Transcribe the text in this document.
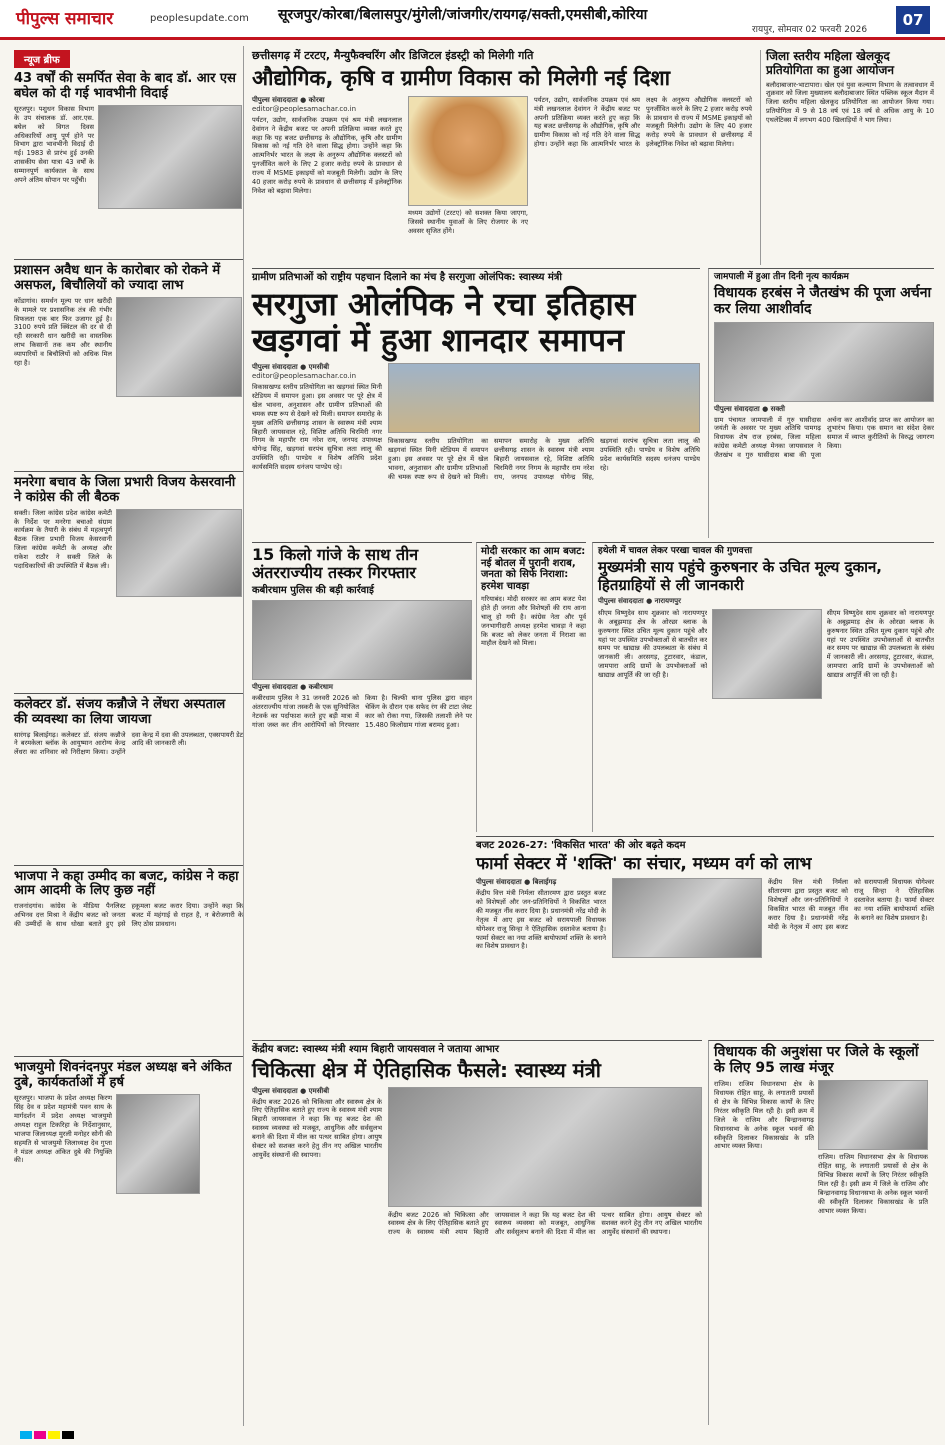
पीपुल्स समाचार	peoplesupdate.com सूरजपुर/कोरबा/बिलासपुर/मुंगेली/जांजगीर/रायगढ़/सक्ती,एमसीबी,कोरिया
रायपुर, सोमवार 02 फरवरी 2026
07
न्यूज ब्रीफ
43 वर्षों की समर्पित सेवा के बाद डॉ. आर एस बघेल को दी गई भावभीनी विदाई
सूरजपुर। पशुधन विकास विभाग के उप संचालक डॉ. आर.एस. बघेल को विगत दिवस अधिकारियों आयु पूर्ण होने पर विभाग द्वारा भावभीनी विदाई दी गई। 1983 से प्रारंभ हुई उनकी शासकीय सेवा यात्रा 43 वर्षों के सम्मानपूर्ण कार्यकाल के साथ अपने अंतिम सोपान पर पहुँची।
प्रशासन अवैध धान के कारोबार को रोकने में असफल, बिचौलियों को ज्यादा लाभ
कोंडागांव। समर्थन मूल्य पर धान खरीदी के मामले पर प्रशासनिक तंत्र की गंभीर विफलता एक बार फिर उजागर हुई है। 3100 रुपये प्रति क्विंटल की दर से दी रही सरकारी धान खरीदी का वास्तविक लाभ किसानों तक कम और स्थानीय व्यापारियों व बिचौलियों को अधिक मिल रहा है।
मनरेगा बचाव के जिला प्रभारी विजय केसरवानी ने कांग्रेस की ली बैठक
सक्ती। जिला कांग्रेस प्रदेश कांग्रेस कमेटी के निर्देश पर मनरेगा बचाओ संग्राम कार्यक्रम के तैयारी के संबंध में महत्वपूर्ण बैठक जिला प्रभारी विजय केसरवानी जिला कांग्रेस कमेटी के अध्यक्ष और राकेश राठौर ने सक्ती जिले के पदाधिकारियों की उपस्थिति में बैठक ली।
कलेक्टर डॉ. संजय कन्नौजे ने लेंधरा अस्पताल की व्यवस्था का लिया जायजा
सारंगढ़ बिलाईगढ़। कलेक्टर डॉ. संजय कन्नौजे ने बरमकेला ब्लॉक के आयुष्मान आरोग्य केन्द्र लेंधरा का शनिवार को निरीक्षण किया। उन्होंने दवा केन्द्र में दवा की उपलब्धता, एक्सपायरी डेट आदि की जानकारी ली।
भाजपा ने कहा उम्मीद का बजट, कांग्रेस ने कहा आम आदमी के लिए कुछ नहीं
राजनांदगांव। कांग्रेस के मीडिया पैनलिस्ट अभिनव दत्त मिश्रा ने केंद्रीय बजट को जनता की उम्मीदों के साथ धोखा बताते हुए इसे हकूमला बजट करार दिया। उन्होंने कहा कि बजट में महंगाई से राहत है, न बेरोजगारी के लिए ठोस प्रावधान।
भाजयुमो शिवनंदनपुर मंडल अध्यक्ष बने अंकित दुबे, कार्यकर्ताओं में हर्ष
सूरजपुर। भाजपा के प्रदेश अध्यक्ष किरण सिंह देव व प्रदेश महामंत्री पवन साय के मार्गदर्शन में प्रदेश अध्यक्ष भाजयुमो अध्यक्ष राहुल टिकरिहा के निर्देशानुसार, भाजपा जिलाध्यक्ष मुरली मनोहर सोनी की सहमति से भाजयुमो जिलाध्यक्ष देव गुप्ता ने मंडल अध्यक्ष अंकित दुबे की नियुक्ति की।
छत्तीसगढ़ में टरटए, मैन्युफैक्चरिंग और डिजिटल इंडस्ट्री को मिलेगी गति
औद्योगिक, कृषि व ग्रामीण विकास को मिलेगी नई दिशा
पीपुल्स संवाददाता ● कोरबा
editor@peoplesamachar.co.in
पर्यटन, उद्योग, सार्वजनिक उपक्रम एवं श्रम मंत्री लखनलाल देवांगन ने केंद्रीय बजट पर अपनी प्रतिक्रिया व्यक्त करते हुए कहा कि यह बजट छत्तीसगढ़ के औद्योगिक, कृषि और ग्रामीण विकास को नई गति देने वाला सिद्ध होगा। उन्होंने कहा कि आत्मनिर्भर भारत के लक्ष्य के अनुरूप औद्योगिक क्लस्टरों को पुनर्जीवित करने के लिए 2 हजार करोड़ रुपये के प्रावधान से राज्य में MSME इकाइयों को मजबूती मिलेगी। उद्योग के लिए 40 हजार करोड़ रुपये के प्रावधान से छत्तीसगढ़ में इलेक्ट्रॉनिक निवेश को बढ़ावा मिलेगा।
मध्यम उद्योगों (टरटए) को सशक्त किया जाएगा, जिससे स्थानीय युवाओं के लिए रोजगार के नए अवसर सृजित होंगे।
पर्यटन, उद्योग, सार्वजनिक उपक्रम एवं श्रम मंत्री लखनलाल देवांगन ने केंद्रीय बजट पर अपनी प्रतिक्रिया व्यक्त करते हुए कहा कि यह बजट छत्तीसगढ़ के औद्योगिक, कृषि और ग्रामीण विकास को नई गति देने वाला सिद्ध होगा। उन्होंने कहा कि आत्मनिर्भर भारत के लक्ष्य के अनुरूप औद्योगिक क्लस्टरों को पुनर्जीवित करने के लिए 2 हजार करोड़ रुपये के प्रावधान से राज्य में MSME इकाइयों को मजबूती मिलेगी। उद्योग के लिए 40 हजार करोड़ रुपये के प्रावधान से छत्तीसगढ़ में इलेक्ट्रॉनिक निवेश को बढ़ावा मिलेगा।
जिला स्तरीय महिला खेलकूद प्रतियोगिता का हुआ आयोजन
बलौदाबाजार-भाटापारा। खेल एवं युवा कल्याण विभाग के तत्वावधान में शुक्रवार को जिला मुख्यालय बलौदाबाजार स्थित पब्लिक स्कूल मैदान में जिला स्तरीय महिला खेलकूद प्रतियोगिता का आयोजन किया गया। प्रतियोगिता में 9 से 18 वर्ष एवं 18 वर्ष से अधिक आयु के 10 एथलेटिक्स में लगभग 400 खिलाड़ियों ने भाग लिया।
ग्रामीण प्रतिभाओं को राष्ट्रीय पहचान दिलाने का मंच है सरगुजा ओलंपिक: स्वास्थ्य मंत्री
सरगुजा ओलंपिक ने रचा इतिहास
खड़गवां में हुआ शानदार समापन
पीपुल्स संवाददाता ● एमसीबी
editor@peoplesamachar.co.in
विकासखण्ड स्तरीय प्रतियोगिता का खड़गवां स्थित मिनी स्टेडियम में समापन हुआ। इस अवसर पर पूरे क्षेत्र में खेल भावना, अनुशासन और ग्रामीण प्रतिभाओं की चमक स्पष्ट रूप से देखने को मिली। समापन समारोह के मुख्य अतिथि छत्तीसगढ़ शासन के स्वास्थ्य मंत्री श्याम बिहारी जायसवाल रहे, विशिष्ट अतिथि चिरमिरी नगर निगम के महापौर राम नरेश राय, जनपद उपाध्यक्ष योगेन्द्र सिंह, खड़गवां सरपंच सुचित्रा लता लालू की उपस्थिति रही। पाण्डेय व विशेष अतिथि प्रदेश कार्यसमिति सदस्य धनंजय पाण्डेय रहे।
विकासखण्ड स्तरीय प्रतियोगिता का खड़गवां स्थित मिनी स्टेडियम में समापन हुआ। इस अवसर पर पूरे क्षेत्र में खेल भावना, अनुशासन और ग्रामीण प्रतिभाओं की चमक स्पष्ट रूप से देखने को मिली। समापन समारोह के मुख्य अतिथि छत्तीसगढ़ शासन के स्वास्थ्य मंत्री श्याम बिहारी जायसवाल रहे, विशिष्ट अतिथि चिरमिरी नगर निगम के महापौर राम नरेश राय, जनपद उपाध्यक्ष योगेन्द्र सिंह, खड़गवां सरपंच सुचित्रा लता लालू की उपस्थिति रही। पाण्डेय व विशेष अतिथि प्रदेश कार्यसमिति सदस्य धनंजय पाण्डेय रहे।
जामपाली में हुआ तीन दिनी नृत्य कार्यक्रम
विधायक हरबंस ने जैतखंभ की पूजा अर्चना कर लिया आशीर्वाद
पीपुल्स संवाददाता ● सक्ती
ग्राम पंचायत जामपाली में गुरु घासीदास जयंती के अवसर पर मुख्य अतिथि पामगढ़ विधायक शेष राज हरबंस, जिला महिला कांग्रेस कमेटी अध्यक्ष मेनका जायसवाल ने जैतखंभ व गुरु घासीदास बाबा की पूजा अर्चना कर आशीर्वाद प्राप्त कर आयोजन का शुभारंभ किया। एक समान का संदेश देकर समाज में व्याप्त कुरीतियों के विरुद्ध जागरण किया।
15 किलो गांजे के साथ तीन अंतरराज्यीय तस्कर गिरफ्तार
कबीरधाम पुलिस की बड़ी कार्रवाई
पीपुल्स संवाददाता ● कबीरधाम
कबीरधाम पुलिस ने 31 जनवरी 2026 को अंतरराज्यीय गांजा तस्करी के एक सुनियोजित नेटवर्क का पर्दाफाश करते हुए बड़ी मात्रा में गांजा जब्त कर तीन आरोपियों को गिरफ्तार किया है। चिल्फी थाना पुलिस द्वारा वाहन चेकिंग के दौरान एक सफेद रंग की टाटा जेस्ट कार को रोका गया, जिसकी तलाशी लेने पर 15.480 किलोग्राम गांजा बरामद हुआ।
मोदी सरकार का आम बजट: नई बोतल में पुरानी शराब, जनता को सिर्फ निराशा: हरमेश चावड़ा
गरियाबंद। मोदी सरकार का आम बजट पेश होते ही जनता और विशेषज्ञों की राय आना चालू हो गयी है। कांग्रेस नेता और पूर्व जनभागीदारी अध्यक्ष हरमेश चावड़ा ने कहा कि बजट को लेकर जनता में निराशा का माहौल देखने को मिला।
हथेली में चावल लेकर परखा चावल की गुणवत्ता
मुख्यमंत्री साय पहुंचे कुरुषनार के उचित मूल्य दुकान, हितग्राहियों से ली जानकारी
पीपुल्स संवाददाता ● नारायणपुर
सीएम विष्णुदेव साय शुक्रवार को नारायणपुर के अबूझमाड़ क्षेत्र के ओरछा ब्लाक के कुरुषनार स्थित उचित मूल्य दुकान पहुंचे और यहां पर उपस्थित उपभोक्ताओं से बातचीत कर समय पर खाद्यान्न की उपलब्धता के संबंध में जानकारी ली। अरसगड़, टुटारवार, कंडाल, जामपारा आदि ग्रामों के उपभोक्ताओं को खाद्यान्न आपूर्ति की जा रही है।
सीएम विष्णुदेव साय शुक्रवार को नारायणपुर के अबूझमाड़ क्षेत्र के ओरछा ब्लाक के कुरुषनार स्थित उचित मूल्य दुकान पहुंचे और यहां पर उपस्थित उपभोक्ताओं से बातचीत कर समय पर खाद्यान्न की उपलब्धता के संबंध में जानकारी ली। अरसगड़, टुटारवार, कंडाल, जामपारा आदि ग्रामों के उपभोक्ताओं को खाद्यान्न आपूर्ति की जा रही है।
बजट 2026-27: 'विकसित भारत' की ओर बढ़ते कदम
फार्मा सेक्टर में 'शक्ति' का संचार, मध्यम वर्ग को लाभ
पीपुल्स संवाददाता ● बिलाईगढ़
केंद्रीय वित्त मंत्री निर्मला सीतारमण द्वारा प्रस्तुत बजट को विशेषज्ञों और जन-प्रतिनिधियों ने विकसित भारत की मजबूत नींव करार दिया है। प्रधानमंत्री नरेंद्र मोदी के नेतृत्व में आए इस बजट को सरायपाली विधायक योगेश्वर राजू सिन्हा ने ऐतिहासिक दस्तावेज बताया है। फार्मा सेक्टर का नया शक्ति बायोफार्मा शक्ति के बनाने का विशेष प्रावधान है।
केंद्रीय वित्त मंत्री निर्मला सीतारमण द्वारा प्रस्तुत बजट को विशेषज्ञों और जन-प्रतिनिधियों ने विकसित भारत की मजबूत नींव करार दिया है। प्रधानमंत्री नरेंद्र मोदी के नेतृत्व में आए इस बजट को सरायपाली विधायक योगेश्वर राजू सिन्हा ने ऐतिहासिक दस्तावेज बताया है। फार्मा सेक्टर का नया शक्ति बायोफार्मा शक्ति के बनाने का विशेष प्रावधान है।
केंद्रीय बजट: स्वास्थ्य मंत्री श्याम बिहारी जायसवाल ने जताया आभार
चिकित्सा क्षेत्र में ऐतिहासिक फैसले: स्वास्थ्य मंत्री
पीपुल्स संवाददाता ● एमसीबी
केंद्रीय बजट 2026 को चिकित्सा और स्वास्थ्य क्षेत्र के लिए ऐतिहासिक बताते हुए राज्य के स्वास्थ्य मंत्री श्याम बिहारी जायसवाल ने कहा कि यह बजट देश की स्वास्थ्य व्यवस्था को मजबूत, आधुनिक और सर्वसुलभ बनाने की दिशा में मील का पत्थर साबित होगा। आयुष सेक्टर को सशक्त करने हेतु तीन नए अखिल भारतीय आयुर्वेद संस्थानों की स्थापना।
केंद्रीय बजट 2026 को चिकित्सा और स्वास्थ्य क्षेत्र के लिए ऐतिहासिक बताते हुए राज्य के स्वास्थ्य मंत्री श्याम बिहारी जायसवाल ने कहा कि यह बजट देश की स्वास्थ्य व्यवस्था को मजबूत, आधुनिक और सर्वसुलभ बनाने की दिशा में मील का पत्थर साबित होगा। आयुष सेक्टर को सशक्त करने हेतु तीन नए अखिल भारतीय आयुर्वेद संस्थानों की स्थापना।
विधायक की अनुशंसा पर जिले के स्कूलों के लिए 95 लाख मंजूर
राजिम। राजिम विधानसभा क्षेत्र के विधायक रोहित साहू, के लगातारी प्रयासों से क्षेत्र के विभिन्न विकास कार्यों के लिए निरंतर स्वीकृति मिल रही है। इसी क्रम में जिले के राजिम और बिन्द्रानवागढ़ विधानसभा के अनेक स्कूल भवनों की स्वीकृति दिलाकर विकासखंड के प्रति आभार व्यक्त किया।
राजिम। राजिम विधानसभा क्षेत्र के विधायक रोहित साहू, के लगातारी प्रयासों से क्षेत्र के विभिन्न विकास कार्यों के लिए निरंतर स्वीकृति मिल रही है। इसी क्रम में जिले के राजिम और बिन्द्रानवागढ़ विधानसभा के अनेक स्कूल भवनों की स्वीकृति दिलाकर विकासखंड के प्रति आभार व्यक्त किया।
